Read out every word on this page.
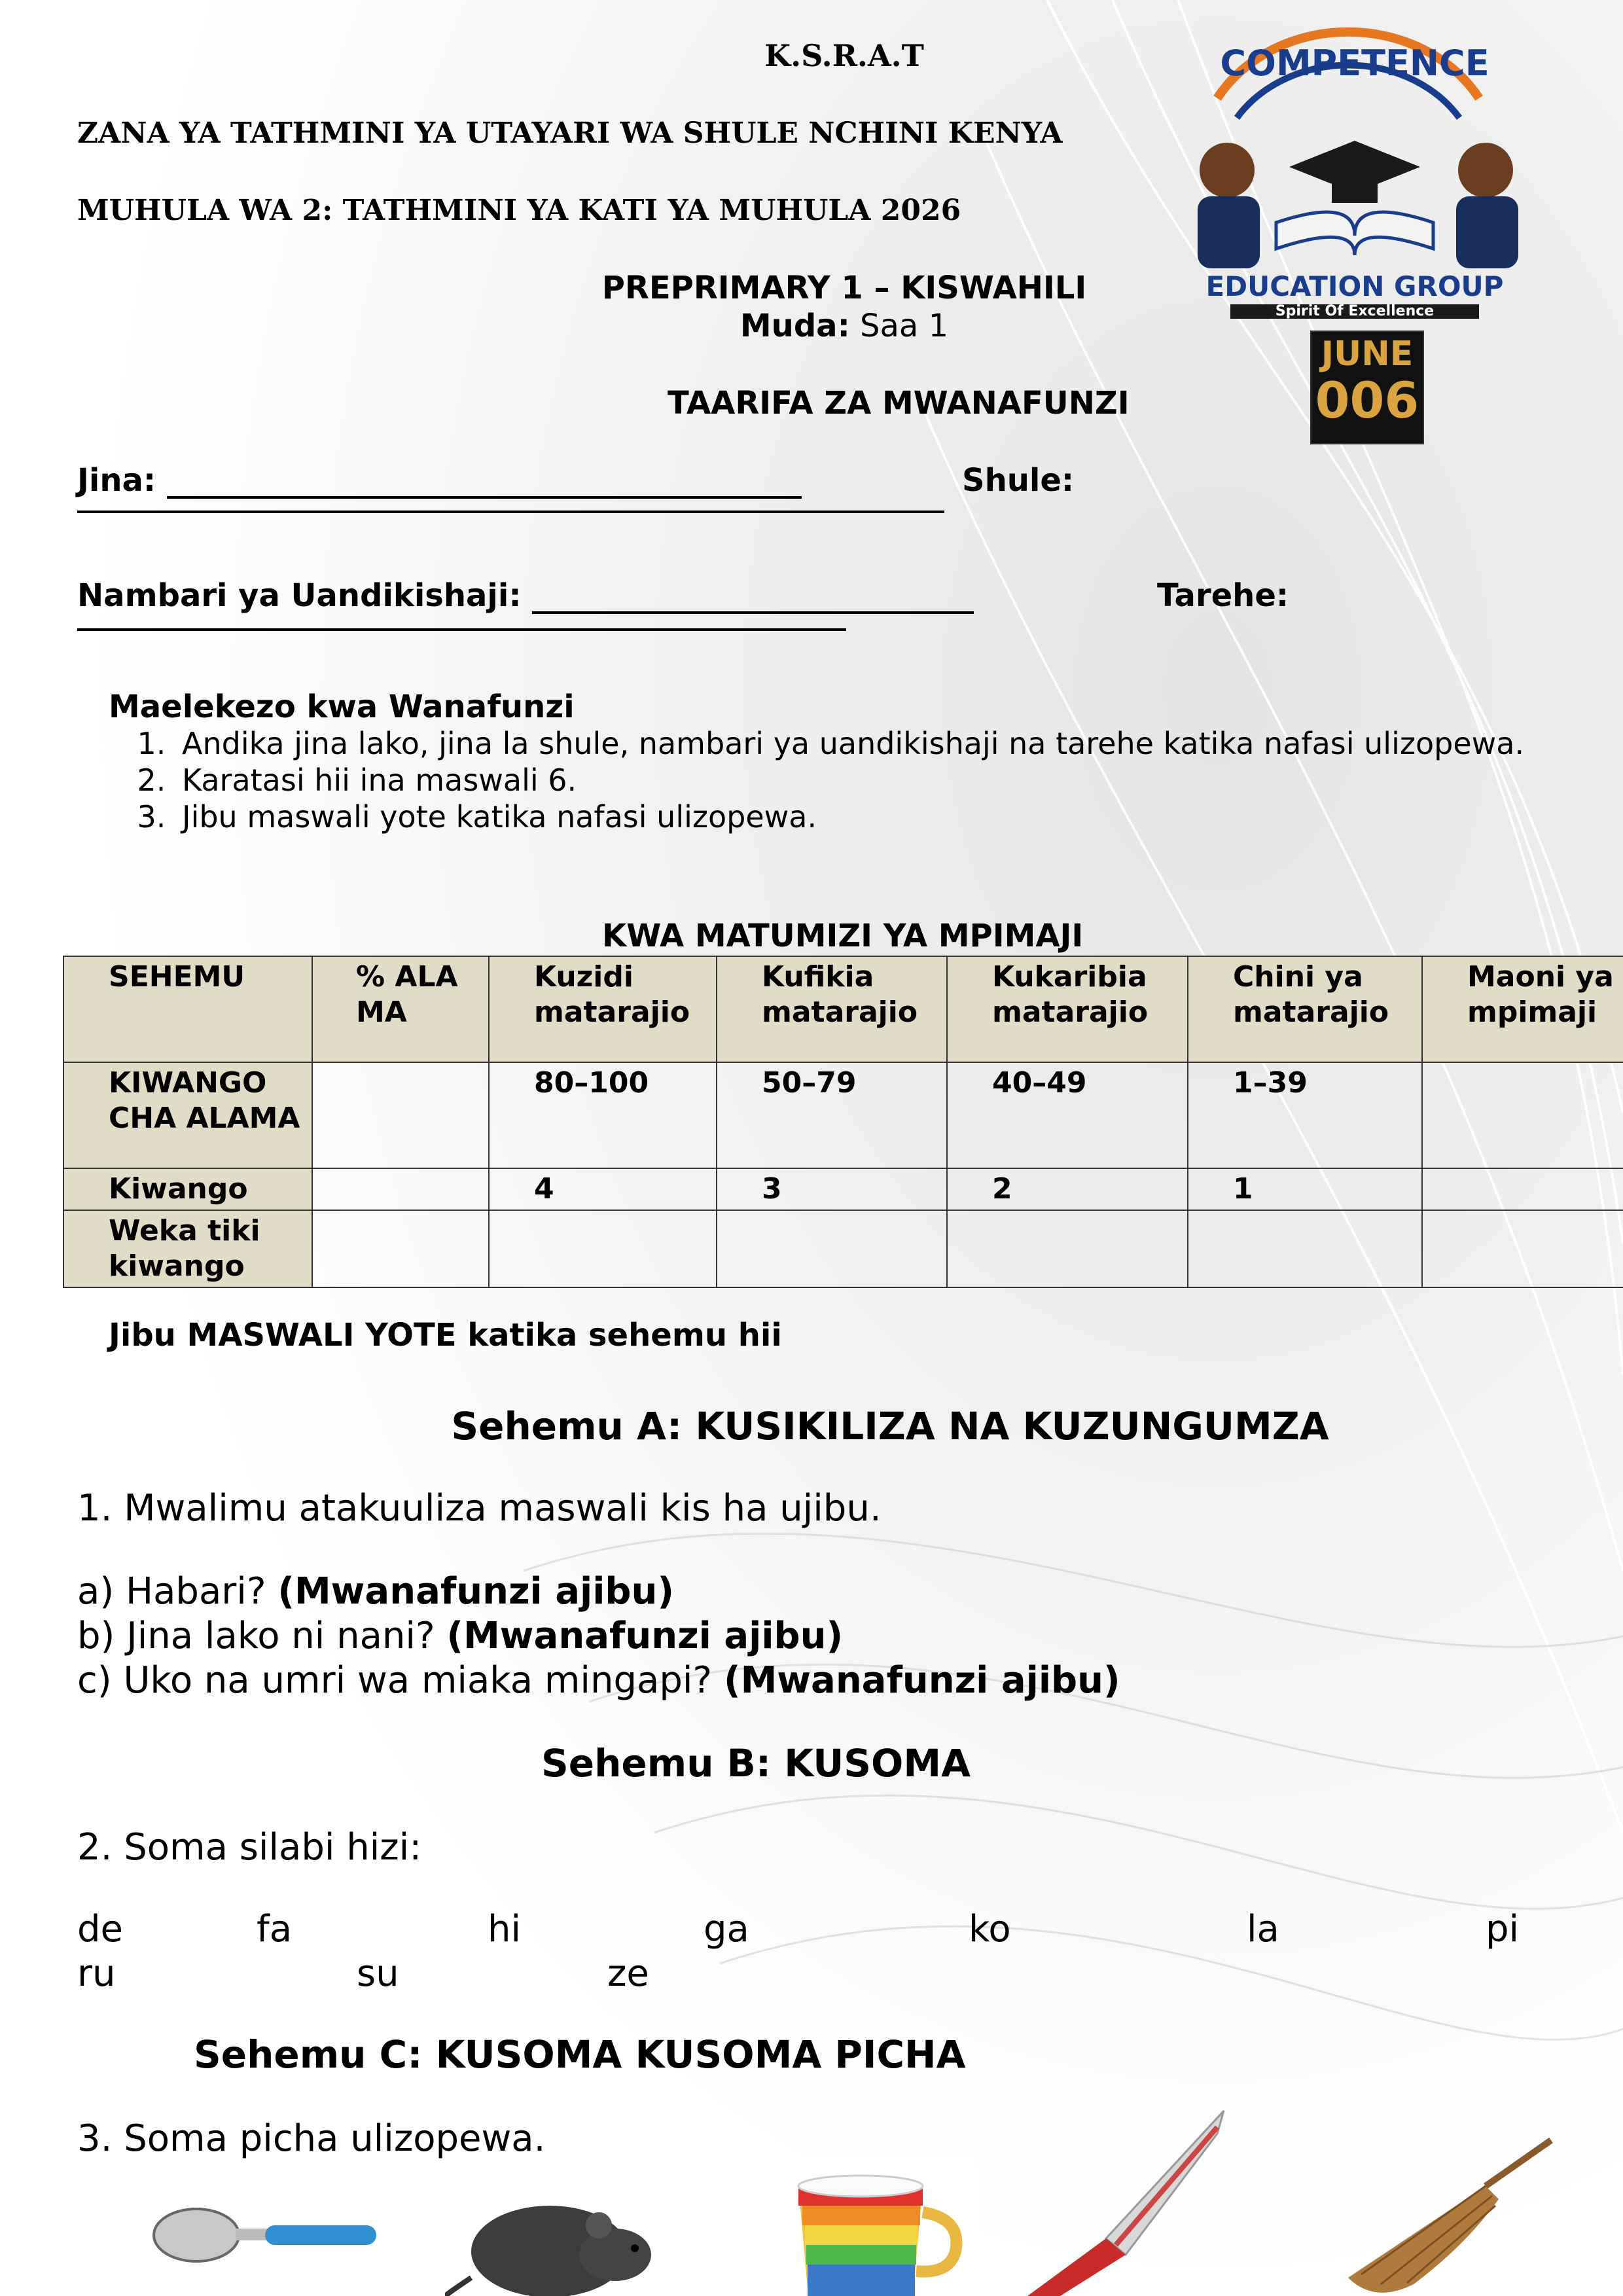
K.S.R.A.T
ZANA YA TATHMINI YA UTAYARI WA SHULE NCHINI KENYA
MUHULA WA 2: TATHMINI YA KATI YA MUHULA 2026
PREPRIMARY 1 – KISWAHILI
Muda: Saa 1
COMPETENCE
EDUCATION GROUP
Spirit Of Excellence
JUNE
006
TAARIFA ZA MWANAFUNZI
Jina:	Shule:
Nambari ya Uandikishaji:	Tarehe:
Maelekezo kwa Wanafunzi
1. Andika jina lako, jina la shule, nambari ya uandikishaji na tarehe katika nafasi ulizopewa.
2. Karatasi hii ina maswali 6.
3. Jibu maswali yote katika nafasi ulizopewa.
KWA MATUMIZI YA MPIMAJI
SEHEMU	% ALAMA	Kuzidi matarajio	Kufikia matarajio	Kukaribia matarajio	Chini ya matarajio	Maoni ya mpimaji
KIWANGO CHA ALAMA		80–100	50–79	40–49	1–39	
Kiwango		4	3	2	1	
Weka tiki kiwango						
Jibu MASWALI YOTE katika sehemu hii
Sehemu A: KUSIKILIZA NA KUZUNGUMZA
1. Mwalimu atakuuliza maswali kis ha ujibu.
a) Habari? (Mwanafunzi ajibu)
b) Jina lako ni nani? (Mwanafunzi ajibu)
c) Uko na umri wa miaka mingapi? (Mwanafunzi ajibu)
Sehemu B: KUSOMA
2. Soma silabi hizi:
de	fa	hi	ga	ko	la	pi
ru	su	ze
Sehemu C: KUSOMA KUSOMA PICHA
3. Soma picha ulizopewa.
